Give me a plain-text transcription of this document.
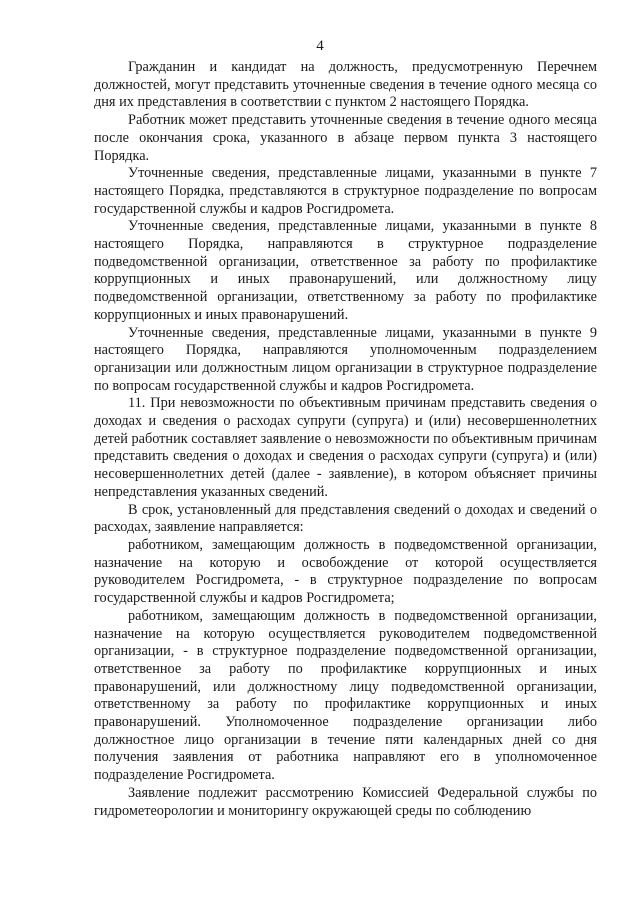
4

Гражданин и кандидат на должность, предусмотренную Перечнем должностей, могут представить уточненные сведения в течение одного месяца со дня их представления в соответствии с пунктом 2 настоящего Порядка.

Работник может представить уточненные сведения в течение одного месяца после окончания срока, указанного в абзаце первом пункта 3 настоящего Порядка.

Уточненные сведения, представленные лицами, указанными в пункте 7 настоящего Порядка, представляются в структурное подразделение по вопросам государственной службы и кадров Росгидромета.

Уточненные сведения, представленные лицами, указанными в пункте 8 настоящего Порядка, направляются в структурное подразделение подведомственной организации, ответственное за работу по профилактике коррупционных и иных правонарушений, или должностному лицу подведомственной организации, ответственному за работу по профилактике коррупционных и иных правонарушений.

Уточненные сведения, представленные лицами, указанными в пункте 9 настоящего Порядка, направляются уполномоченным подразделением организации или должностным лицом организации в структурное подразделение по вопросам государственной службы и кадров Росгидромета.

11. При невозможности по объективным причинам представить сведения о доходах и сведения о расходах супруги (супруга) и (или) несовершеннолетних детей работник составляет заявление о невозможности по объективным причинам представить сведения о доходах и сведения о расходах супруги (супруга) и (или) несовершеннолетних детей (далее - заявление), в котором объясняет причины непредставления указанных сведений.

В срок, установленный для представления сведений о доходах и сведений о расходах, заявление направляется:

работником, замещающим должность в подведомственной организации, назначение на которую и освобождение от которой осуществляется руководителем Росгидромета, - в структурное подразделение по вопросам государственной службы и кадров Росгидромета;

работником, замещающим должность в подведомственной организации, назначение на которую осуществляется руководителем подведомственной организации, - в структурное подразделение подведомственной организации, ответственное за работу по профилактике коррупционных и иных правонарушений, или должностному лицу подведомственной организации, ответственному за работу по профилактике коррупционных и иных правонарушений. Уполномоченное подразделение организации либо должностное лицо организации в течение пяти календарных дней со дня получения заявления от работника направляют его в уполномоченное подразделение Росгидромета.

Заявление подлежит рассмотрению Комиссией Федеральной службы по гидрометеорологии и мониторингу окружающей среды по соблюдению
